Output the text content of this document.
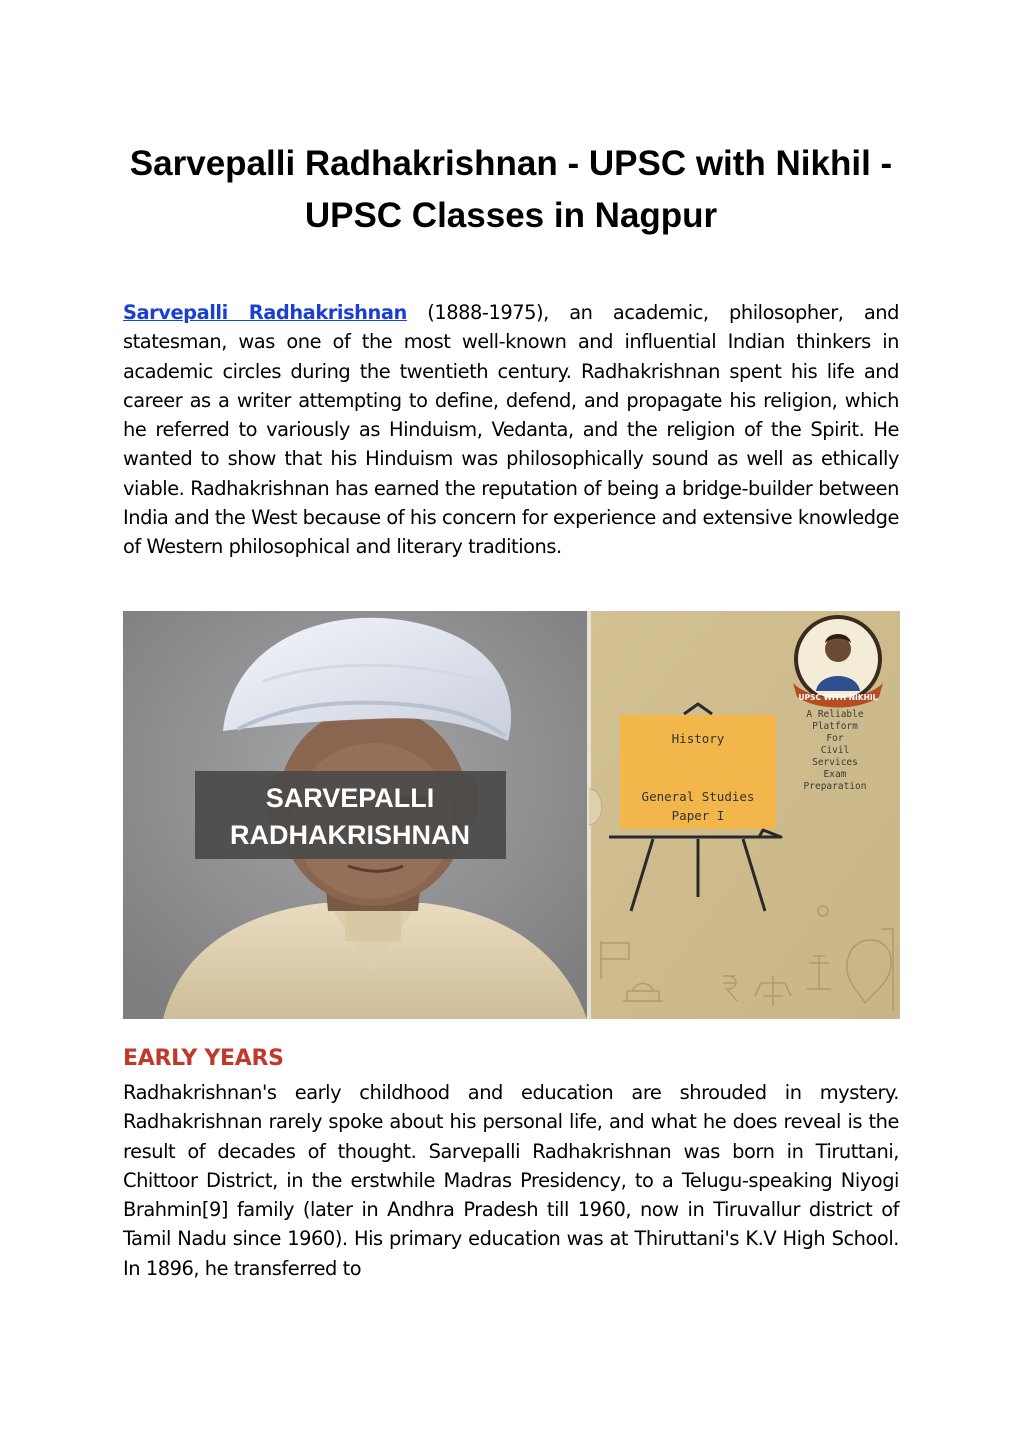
Sarvepalli Radhakrishnan - UPSC with Nikhil - UPSC Classes in Nagpur

Sarvepalli Radhakrishnan (1888-1975), an academic, philosopher, and statesman, was one of the most well-known and influential Indian thinkers in academic circles during the twentieth century. Radhakrishnan spent his life and career as a writer attempting to define, defend, and propagate his religion, which he referred to variously as Hinduism, Vedanta, and the religion of the Spirit. He wanted to show that his Hinduism was philosophically sound as well as ethically viable. Radhakrishnan has earned the reputation of being a bridge-builder between India and the West because of his concern for experience and extensive knowledge of Western philosophical and literary traditions.

SARVEPALLI
RADHAKRISHNAN
UPSC WITH NIKHIL
A Reliable
Platform
For
Civil
Services
Exam
Preparation
History
General Studies
Paper I
EARLY YEARS

Radhakrishnan's early childhood and education are shrouded in mystery. Radhakrishnan rarely spoke about his personal life, and what he does reveal is the result of decades of thought. Sarvepalli Radhakrishnan was born in Tiruttani, Chittoor District, in the erstwhile Madras Presidency, to a Telugu-speaking Niyogi Brahmin[9] family (later in Andhra Pradesh till 1960, now in Tiruvallur district of Tamil Nadu since 1960). His primary education was at Thiruttani's K.V High School. In 1896, he transferred to
